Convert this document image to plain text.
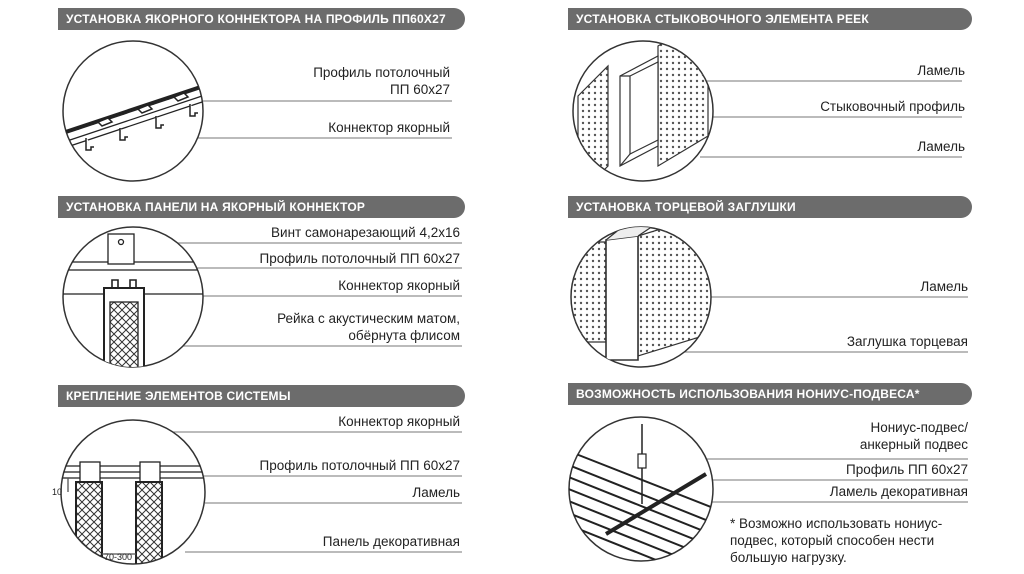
УСТАНОВКА ЯКОРНОГО КОННЕКТОРА НА ПРОФИЛЬ ПП60Х27	УСТАНОВКА СТЫКОВОЧНОГО ЭЛЕМЕНТА РЕЕК
УСТАНОВКА ПАНЕЛИ НА ЯКОРНЫЙ КОННЕКТОР	УСТАНОВКА ТОРЦЕВОЙ ЗАГЛУШКИ
КРЕПЛЕНИЕ ЭЛЕМЕНТОВ СИСТЕМЫ	ВОЗМОЖНОСТЬ ИСПОЛЬЗОВАНИЯ НОНИУС-ПОДВЕСА*
Профиль потолочный
ПП 60х27
Коннектор якорный
Ламель
Стыковочный профиль
Ламель
Винт самонарезающий 4,2х16
Профиль потолочный ПП 60х27
Коннектор якорный
Рейка с акустическим матом,
обёрнута флисом
Ламель
Заглушка торцевая
10
70-300
Коннектор якорный
Профиль потолочный ПП 60х27
Ламель
Панель декоративная
Нониус-подвес/
анкерный подвес
Профиль ПП 60х27
Ламель декоративная
* Возможно использовать нониус-
подвес, который способен нести
большую нагрузку.
